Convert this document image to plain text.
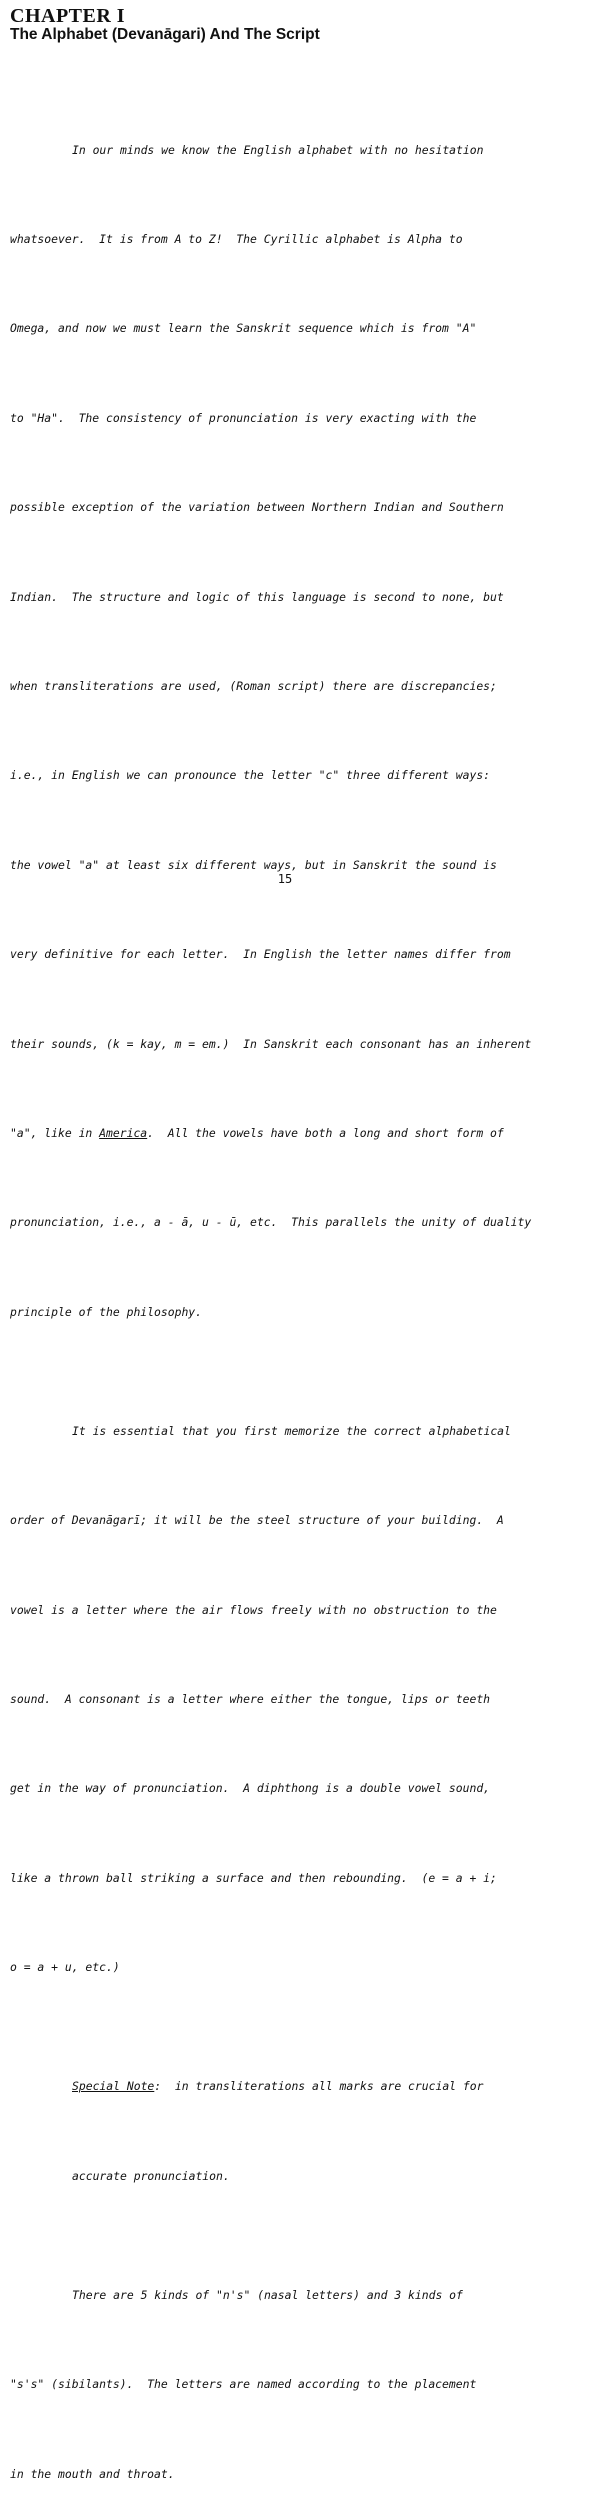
CHAPTER I
The Alphabet (Devanāgari) And The Script

In our minds we know the English alphabet with no hesitation

whatsoever.  It is from A to Z!  The Cyrillic alphabet is Alpha to

Omega, and now we must learn the Sanskrit sequence which is from "A"

to "Ha".  The consistency of pronunciation is very exacting with the

possible exception of the variation between Northern Indian and Southern

Indian.  The structure and logic of this language is second to none, but

when transliterations are used, (Roman script) there are discrepancies;

i.e., in English we can pronounce the letter "c" three different ways:

the vowel "a" at least six different ways, but in Sanskrit the sound is

very definitive for each letter.  In English the letter names differ from

their sounds, (k = kay, m = em.)  In Sanskrit each consonant has an inherent

"a", like in America.  All the vowels have both a long and short form of

pronunciation, i.e., a - ā, u - ū, etc.  This parallels the unity of duality

principle of the philosophy.

It is essential that you first memorize the correct alphabetical

order of Devanāgarī; it will be the steel structure of your building.  A

vowel is a letter where the air flows freely with no obstruction to the

sound.  A consonant is a letter where either the tongue, lips or teeth

get in the way of pronunciation.  A diphthong is a double vowel sound,

like a thrown ball striking a surface and then rebounding.  (e = a + i;

o = a + u, etc.)

Special Note:  in transliterations all marks are crucial for

accurate pronunciation.

There are 5 kinds of "n's" (nasal letters) and 3 kinds of

"s's" (sibilants).  The letters are named according to the placement

in the mouth and throat.

15
